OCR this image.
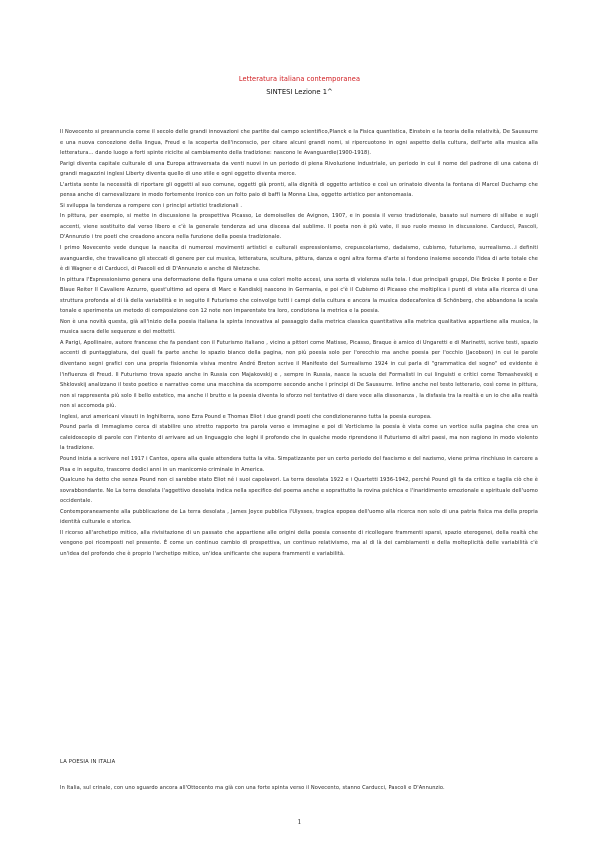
Letteratura italiana contemporanea
SINTESI Lezione 1^

Il Novecento si preannuncia come il secolo delle grandi innovazioni che partite dal campo scientifico,Planck e la Fisica quantistica, Einstein e la teoria della relatività, De Saussurre e una nuova concezione della lingua, Freud e la scoperta dell'inconscio, per citare alcuni grandi nomi, si ripercuotono in ogni aspetto della cultura, dell'arte alla musica alla letteratura... dando luogo a forti spinte riciclte al cambiamento della tradizione: nascono le Avanguardie(1900-1918).

Parigi diventa capitale culturale di una Europa attraversata da venti nuovi in un periodo di piena Rivoluzione industriale, un periodo in cui il nome del padrone di una catena di grandi magazzini inglesi Liberty diventa quello di uno stile e ogni oggetto diventa merce.

L'artista sente la necessità di riportare gli oggetti al suo comune, oggetti già pronti, alla dignità di oggetto artistico e così un orinatoio diventa la fontana di Marcel Duchamp che pensa anche di carnevalizzare in modo fortemente ironico con un folto paio di baffi la Monna Lisa, oggetto artistico per antonomasia.

Si sviluppa la tendenza a rompere con i principi artistici tradizionali .

In pittura, per esempio, si mette in discussione la prospettiva Picasso, Le demoiselles de Avignon, 1907, e in poesia il verso tradizionale, basato sul numero di sillabe e sugli accenti, viene sostituito dal verso libero e c'è la generale tendenza ad una discesa dal sublime. Il poeta non è più vate, il suo ruolo messo in discussione. Carducci, Pascoli, D'Annunzio i tre poeti che creadono ancora nella funzione della poesia tradizionale.

I primo Novecento vede dunque la nascita di numerosi movimenti artistici e culturali espressionismo, crepuscolarismo, dadaismo, cubismo, futurismo, surrealismo...i definiti avanguardie, che travalicano gli steccati di genere per cui musica, letteratura, scultura, pittura, danza e ogni altra forma d'arte si fondono insieme secondo l'idea di arte totale che è di Wagner e di Carducci, di Pascoli ed di D'Annunzio e anche di Nietzsche.

In pittura l'Espressionismo genera una deformazione della figura umana e usa colori molto accesi, una sorta di violenza sulla tela. I due principali gruppi, Die Brücke Il ponte e Der Blaue Reiter Il Cavaliere Azzurro, quest'ultimo ad opera di Marc e Kandiskij nascono in Germania, e poi c'è il Cubismo di Picasso che moltiplica i punti di vista alla ricerca di una struttura profonda al di là della variabilità e in seguito il Futurismo che coinvolge tutti i campi della cultura e ancora la musica dodecafonica di Schönberg, che abbandona la scala tonale e sperimenta un metodo di composizione con 12 note non imparentate tra loro, condiziona la metrica e la poesia.

Non è una novità questa, già all'inizio della poesia italiana la spinta innovativa al passaggio dalla metrica classica quantitativa alla metrica qualitativa appartiene alla musica, la musica sacra delle sequenze e dei mottetti.

A Parigi, Apollinaire, autore francese che fa pendant con il Futurismo italiano , vicino a pittori come Matisse, Picasso, Braque è amico di Ungaretti e di Marinetti, scrive testi, spazio accenti di puntaggiatura, dei quali fa parte anche lo spazio bianco della pagina, non più poesia solo per l'orecchio ma anche poesia per l'occhio (Jacobson) in cui le parole diventano segni grafici con una propria fisionomia visiva mentre André Breton scrive il Manifesto del Surrealismo 1924 in cui parla di "grammatica del sogno" ed evidente è l'influenza di Freud. Il Futurismo trova spazio anche in Russia con Majakovskij e , sempre in Russia, nasce la scuola dei Formalisti in cui linguisti e critici come Tomashevskij e Shklovskij analizzano il testo poetico e narrativo come una macchina da scomporre secondo anche i principi di De Saussurre. Infine anche nel testo letterario, così come in pittura, non si rappresenta più solo il bello estetico, ma anche il brutto e la poesia diventa lo sforzo nel tentativo di dare voce alla dissonanza , la disfasia tra la realtà e un io che alla realtà non si accomoda più.

Inglesi, anzi americani vissuti in Inghilterra, sono Ezra Pound e Thomas Eliot i due grandi poeti che condizioneranno tutta la poesia europea.

Pound parla di Immagismo cerca di stabilire uno stretto rapporto tra parola verso e immagine e poi di Vorticismo la poesia è vista come un vortice sulla pagina che crea un caleidoscopio di parole con l'intento di arrivare ad un linguaggio che leghi il profondo che in qualche modo riprendono il Futurismo di altri paesi, ma non ragiono in modo violento la tradizione.

Pound inizia a scrivere nel 1917 i Cantos, opera alla quale attendera tutta la vita. Simpatizzante per un certo periodo del fascismo e del nazismo, viene prima rinchiuso in carcere a Pisa e in seguito, trascorre dodici anni in un manicomio criminale in America.

Qualcuno ha detto che senza Pound non ci sarebbe stato Eliot né i suoi capolavori. La terra desolata 1922 e i Quartetti 1936-1942, perché Pound gli fa da critico e taglia ciò che è sovrabbondante. Ne La terra desolata l'aggettivo desolata indica nella specifico del poema anche e soprattutto la rovina psichica e l'inaridimento emozionale e spirituale dell'uomo occidentale.

Contemporaneamente alla pubblicazione de La terra desolata , James Joyce pubblica l'Ulysses, tragica epopea dell'uomo alla ricerca non solo di una patria fisica ma della propria identità culturale e storica.

Il ricorso all'archetipo mitico, alla rivisitazione di un passato che appartiene alle origini della poesia consente di ricollegare frammenti sparsi, spazio eterogenei, della realtà che vengono poi ricomposti nel presente. È come un continuo cambio di prospettiva, un continuo relativismo, ma al di là dei cambiamenti e della molteplicità delle variabilità c'è un'idea del profondo che è proprio l'archetipo mitico, un'idea unificante che supera frammenti e variabilità.

LA POESIA IN ITALIA
In Italia, sul crinale, con uno sguardo ancora all'Ottocento ma già con una forte spinta verso il Novecento, stanno Carducci, Pascoli e D'Annunzio.
1
